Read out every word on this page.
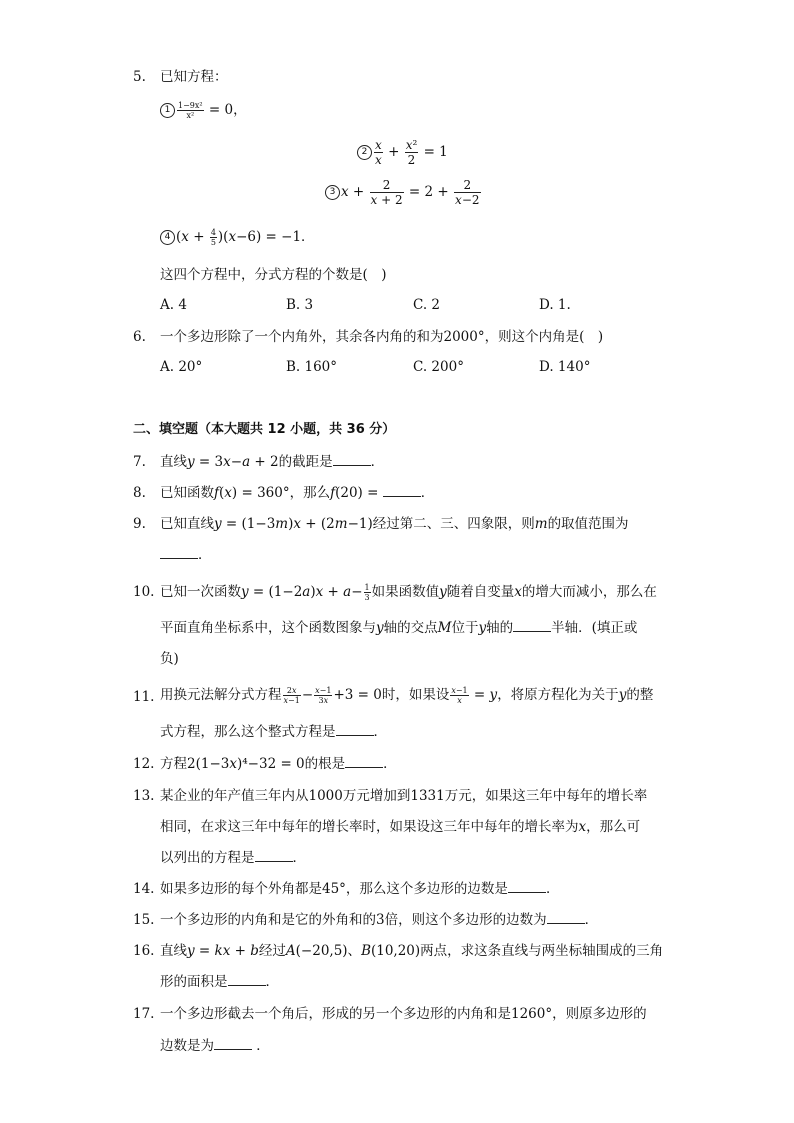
5. 已知方程：
$1 \frac{\text{1−9x²}}{\text{x²}} = 0$，
$2 \frac{x}{x} + \frac{\text{x²}}{2} = 1$
3 $x + \frac{2}{x + 2} = 2 + \frac{2}{x-2}$
4 $(x + \frac{4}{5} )(x-6) = -1$．
这四个方程中，分式方程的个数是(　)
A. 4	B. 3	C. 2	D. 1.
6. 一个多边形除了一个内角外，其余各内角的和为2000°，则这个内角是(　)
A. 20°	B. 160°	C. 200°	D. 140°
二、填空题（本大题共 12 小题，共 36 分）
7. 直线y = 3x−a + 2的截距是	．
8. 已知函数f(x) = 360°，那么f(20) =	．
9. 已知直线y = (1−3m)x + (2m−1)经过第二、三、四象限，则m的取值范围为
．
10. 已知一次函数$y = (1-2a)x + a- \frac{1}{3}$ 如果函数值y随着自变量x的增大而减小，那么在
平面直角坐标系中，这个函数图象与y轴的交点M位于y轴的	半轴．(填正或
负)
11. 用换元法解分式方程 $\frac{2x}{x-1} - \frac{x-1}{3x} +3 = 0$时，如果设 $\frac{x-1}{x} = y$，将原方程化为关于y的整
式方程，那么这个整式方程是	．
12. 方程2(1−3x)⁴−32 = 0的根是	．
13. 某企业的年产值三年内从1000万元增加到1331万元，如果这三年中每年的增长率
相同，在求这三年中每年的增长率时，如果设这三年中每年的增长率为x，那么可
以列出的方程是	．
14. 如果多边形的每个外角都是45°，那么这个多边形的边数是	．
15. 一个多边形的内角和是它的外角和的3倍，则这个多边形的边数为	．
16. 直线y = kx + b经过A(−20,5)、B(10,20)两点，求这条直线与两坐标轴围成的三角
形的面积是	．
17. 一个多边形截去一个角后，形成的另一个多边形的内角和是1260°，则原多边形的
边数是为	．
